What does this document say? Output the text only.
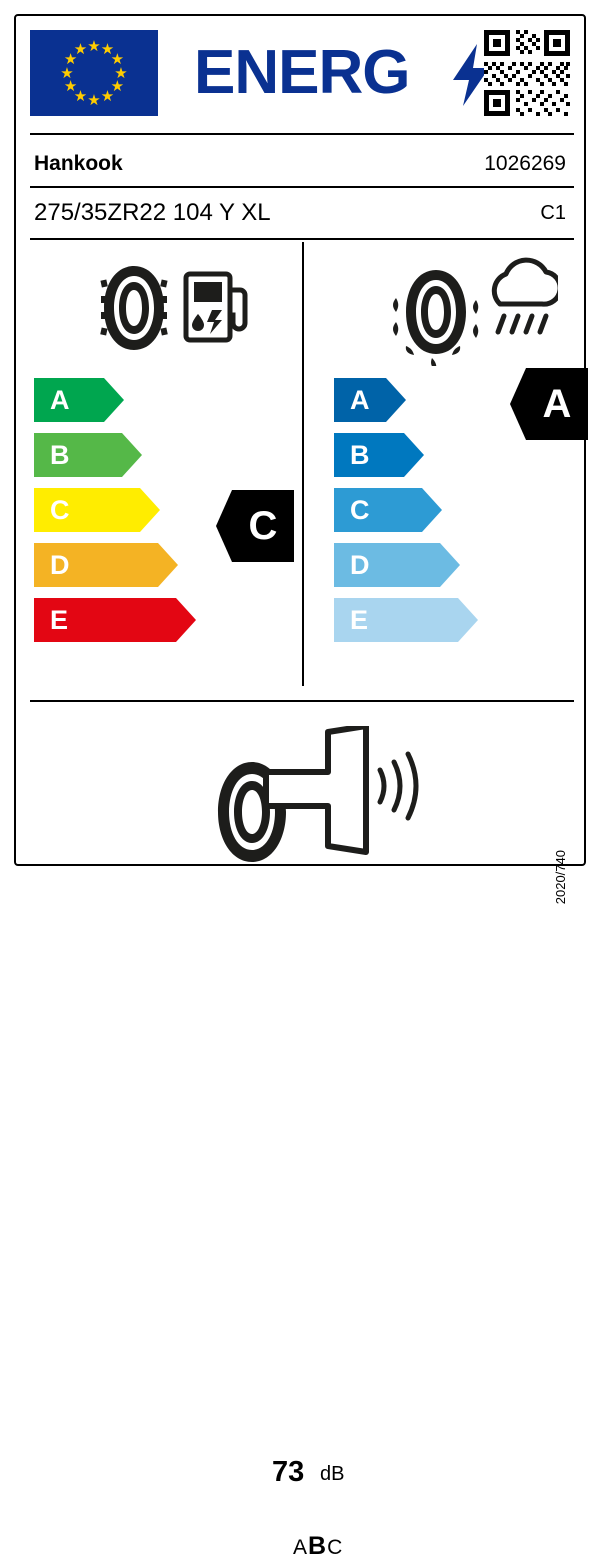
★ ★
★
★
★
★
★
★
★
★
★
★ ENERG
Hankook	1026269
275/35ZR22 104 Y XL	C1
A
B
C
D
E
C
A
B
C
D
E
A
73 dB
ABC
2020/740
